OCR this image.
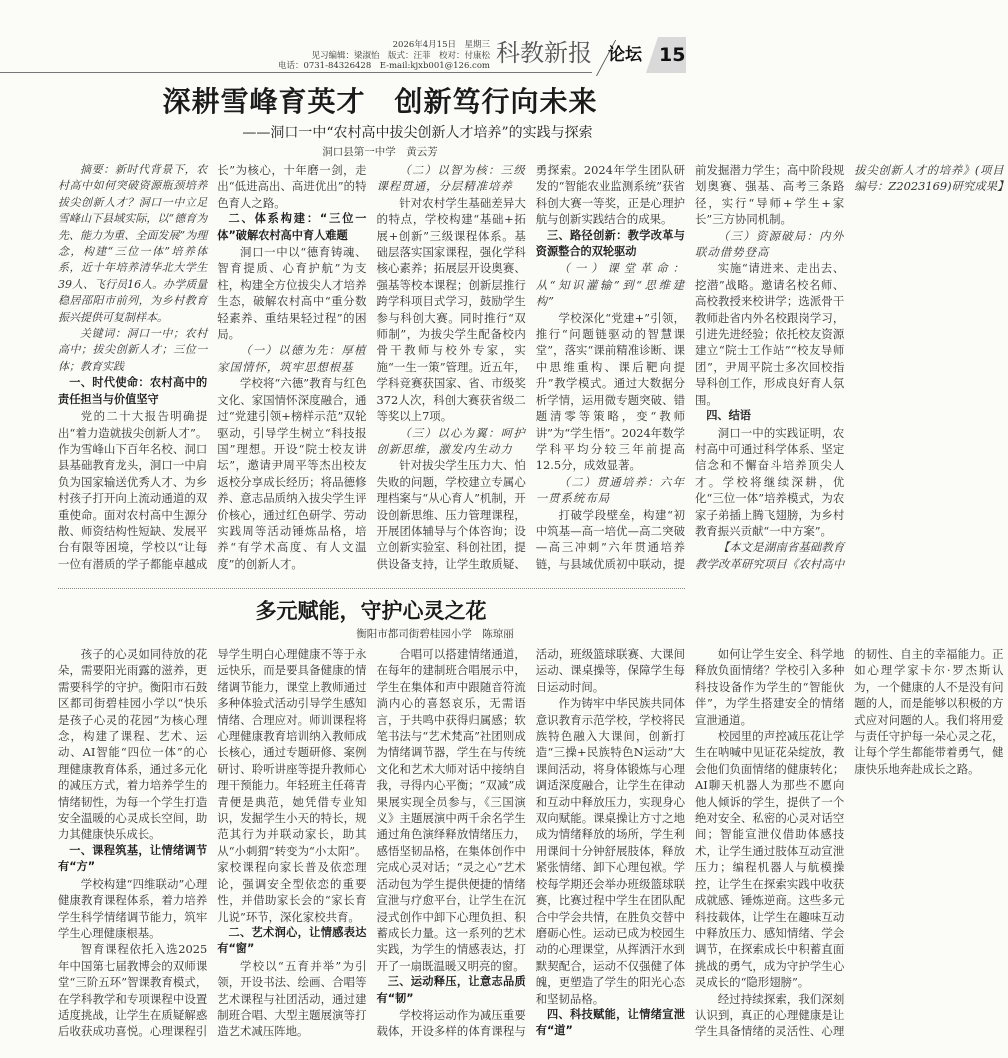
2026年4月15日　星期三
见习编辑：梁淑怡　版式：汪菲　校对：付康松
电话：0731-84326428　E-mail:kjxb001@126.com 科教新报 论坛 15
深耕雪峰育英才　创新笃行向未来
——洞口一中“农村高中拔尖创新人才培养”的实践与探索
洞口县第一中学　黄云芳

摘要：新时代背景下，农村高中如何突破资源瓶颈培养拔尖创新人才？洞口一中立足雪峰山下县域实际，以“德育为先、能力为重、全面发展”为理念，构建“三位一体”培养体系，近十年培养清华北大学生39人、飞行员16人。办学质量稳居邵阳市前列，为乡村教育振兴提供可复制样本。

关键词：洞口一中；农村高中；拔尖创新人才；三位一体；教育实践

一、时代使命：农村高中的责任担当与价值坚守

党的二十大报告明确提出“着力造就拔尖创新人才”。作为雪峰山下百年名校、洞口县基础教育龙头，洞口一中肩负为国家输送优秀人才、为乡村孩子打开向上流动通道的双重使命。面对农村高中生源分散、师资结构性短缺、发展平台有限等困境，学校以“让每一位有潜质的学子都能卓越成长”为核心，十年磨一剑，走出“低进高出、高进优出”的特色育人之路。

二、体系构建：“三位一体”破解农村高中育人难题

洞口一中以“德育铸魂、智育提质、心育护航”为支柱，构建全方位拔尖人才培养生态，破解农村高中“重分数轻素养、重结果轻过程”的困局。

（一）以德为先：厚植家国情怀，筑牢思想根基

学校将“六德”教育与红色文化、家国情怀深度融合，通过“党建引领+榜样示范”双轮驱动，引导学生树立“科技报国”理想。开设“院士校友讲坛”，邀请尹周平等杰出校友返校分享成长经历；将品德修养、意志品质纳入拔尖学生评价核心，通过红色研学、劳动实践周等活动锤炼品格，培养“有学术高度、有人文温度”的创新人才。

（二）以智为核：三级课程贯通，分层精准培养

针对农村学生基础差异大的特点，学校构建“基础+拓展+创新”三级课程体系。基础层落实国家课程，强化学科核心素养；拓展层开设奥赛、强基等校本课程；创新层推行跨学科项目式学习，鼓励学生参与科创大赛。同时推行“双师制”，为拔尖学生配备校内骨干教师与校外专家，实施“一生一策”管理。近五年，学科竞赛获国家、省、市级奖372人次，科创大赛获省级二等奖以上7项。

（三）以心为翼：呵护创新思维，激发内生动力

针对拔尖学生压力大、怕失败的问题，学校建立专属心理档案与“从心育人”机制，开设创新思维、压力管理课程，开展团体辅导与个体咨询；设立创新实验室、科创社团，提供设备支持，让学生敢质疑、勇探索。2024年学生团队研发的“智能农业监测系统”获省科创大赛一等奖，正是心理护航与创新实践结合的成果。

三、路径创新：教学改革与资源整合的双轮驱动

（一）课堂革命：从“知识灌输”到“思维建构”

学校深化“党建+”引领，推行“问题链驱动的智慧课堂”，落实“课前精准诊断、课中思维重构、课后靶向提升”教学模式。通过大数据分析学情，运用微专题突破、错题清零等策略，变“教师讲”为“学生悟”。2024年数学学科平均分较三年前提高12.5分，成效显著。

（二）贯通培养：六年一贯系统布局

打破学段壁垒，构建“初中筑基—高一培优—高二突破—高三冲刺”六年贯通培养链，与县域优质初中联动，提前发掘潜力学生；高中阶段规划奥赛、强基、高考三条路径，实行“导师+学生+家长”三方协同机制。

（三）资源破局：内外联动借势登高

实施“请进来、走出去、挖潜”战略。邀请名校名师、高校教授来校讲学；选派骨干教师赴省内外名校跟岗学习，引进先进经验；依托校友资源建立“院士工作站”“校友导师团”，尹周平院士多次回校指导科创工作，形成良好育人氛围。

四、结语

洞口一中的实践证明，农村高中可通过科学体系、坚定信念和不懈奋斗培养顶尖人才。学校将继续深耕，优化“三位一体”培养模式，为农家子弟插上腾飞翅膀，为乡村教育振兴贡献“一中方案”。

【本文是湖南省基础教育教学改革研究项目《农村高中拔尖创新人才的培养》(项目编号：Z2023169)研究成果】

多元赋能，守护心灵之花
衡阳市都司街碧桂园小学　陈琼丽

孩子的心灵如同待放的花朵，需要阳光雨露的滋养，更需要科学的守护。衡阳市石鼓区都司街碧桂园小学以“快乐是孩子心灵的花园”为核心理念，构建了课程、艺术、运动、AI智能“四位一体”的心理健康教育体系，通过多元化的减压方式，着力培养学生的情绪韧性，为每一个学生打造安全温暖的心灵成长空间，助力其健康快乐成长。

一、课程筑基，让情绪调节有“方”

学校构建“四维联动”心理健康教育课程体系，着力培养学生科学情绪调节能力，筑牢学生心理健康根基。

智育课程依托入选2025年中国第七届教博会的双师课堂“三阶五环”智课教育模式，在学科教学和专项课程中设置适度挑战，让学生在质疑解惑后收获成功喜悦。心理课程引导学生明白心理健康不等于永远快乐，而是要具备健康的情绪调节能力，课堂上教师通过多种体验式活动引导学生感知情绪、合理应对。师训课程将心理健康教育培训纳入教师成长核心，通过专题研修、案例研讨、聆听讲座等提升教师心理干预能力。年轻班主任蒋青青便是典范，她凭借专业知识，发掘学生小天的特长，规范其行为并联动家长，助其从“小刺猬”转变为“小太阳”。家校课程向家长普及依恋理论，强调安全型依恋的重要性，并借助家长会的“家长育儿说”环节，深化家校共育。

二、艺术润心，让情感表达有“窗”

学校以“五育并举”为引领，开设书法、绘画、合唱等艺术课程与社团活动，通过建制班合唱、大型主题展演等打造艺术减压阵地。

合唱可以搭建情绪通道，在每年的建制班合唱展示中，学生在集体和声中跟随音符流淌内心的喜怒哀乐，无需语言，于共鸣中获得归属感；软笔书法与“艺术梵高”社团则成为情绪调节器，学生在与传统文化和艺术大师对话中接纳自我，寻得内心平衡；“双减”成果展实现全员参与，《三国演义》主题展演中两千余名学生通过角色演绎释放情绪压力，感悟坚韧品格，在集体创作中完成心灵对话；“灵之心”艺术活动包为学生提供便捷的情绪宣泄与疗愈平台，让学生在沉浸式创作中卸下心理负担、积蓄成长力量。这一系列的艺术实践，为学生的情感表达，打开了一扇既温暖又明亮的窗。

三、运动释压，让意志品质有“韧”

学校将运动作为减压重要载体，开设多样的体育课程与活动，班级篮球联赛、大课间运动、课桌操等，保障学生每日运动时间。

作为铸牢中华民族共同体意识教育示范学校，学校将民族特色融入大课间，创新打造“三操+民族特色N运动”大课间活动，将身体锻炼与心理调适深度融合，让学生在律动和互动中释放压力，实现身心双向赋能。课桌操让方寸之地成为情绪释放的场所，学生利用课间十分钟舒展肢体，释放紧张情绪、卸下心理包袱。学校每学期还会举办班级篮球联赛，比赛过程中学生在团队配合中学会共情，在胜负交替中磨砺心性。运动已成为校园生动的心理课堂，从挥洒汗水到默契配合，运动不仅强健了体魄，更塑造了学生的阳光心态和坚韧品格。

四、科技赋能，让情绪宣泄有“道”

如何让学生安全、科学地释放负面情绪？学校引入多种科技设备作为学生的“智能伙伴”，为学生搭建安全的情绪宣泄通道。

校园里的声控减压花让学生在呐喊中见证花朵绽放，教会他们负面情绪的健康转化；AI聊天机器人为那些不愿向他人倾诉的学生，提供了一个绝对安全、私密的心灵对话空间；智能宣泄仪借助体感技术，让学生通过肢体互动宣泄压力；编程机器人与航模操控，让学生在探索实践中收获成就感、锤炼逆商。这些多元科技载体，让学生在趣味互动中释放压力、感知情绪、学会调节，在探索成长中积蓄直面挑战的勇气，成为守护学生心灵成长的“隐形翅膀”。

经过持续探索，我们深刻认识到，真正的心理健康是让学生具备情绪的灵活性、心理的韧性、自主的幸福能力。正如心理学家卡尔·罗杰斯认为，一个健康的人不是没有问题的人，而是能够以积极的方式应对问题的人。我们将用爱与责任守护每一朵心灵之花，让每个学生都能带着勇气，健康快乐地奔赴成长之路。
